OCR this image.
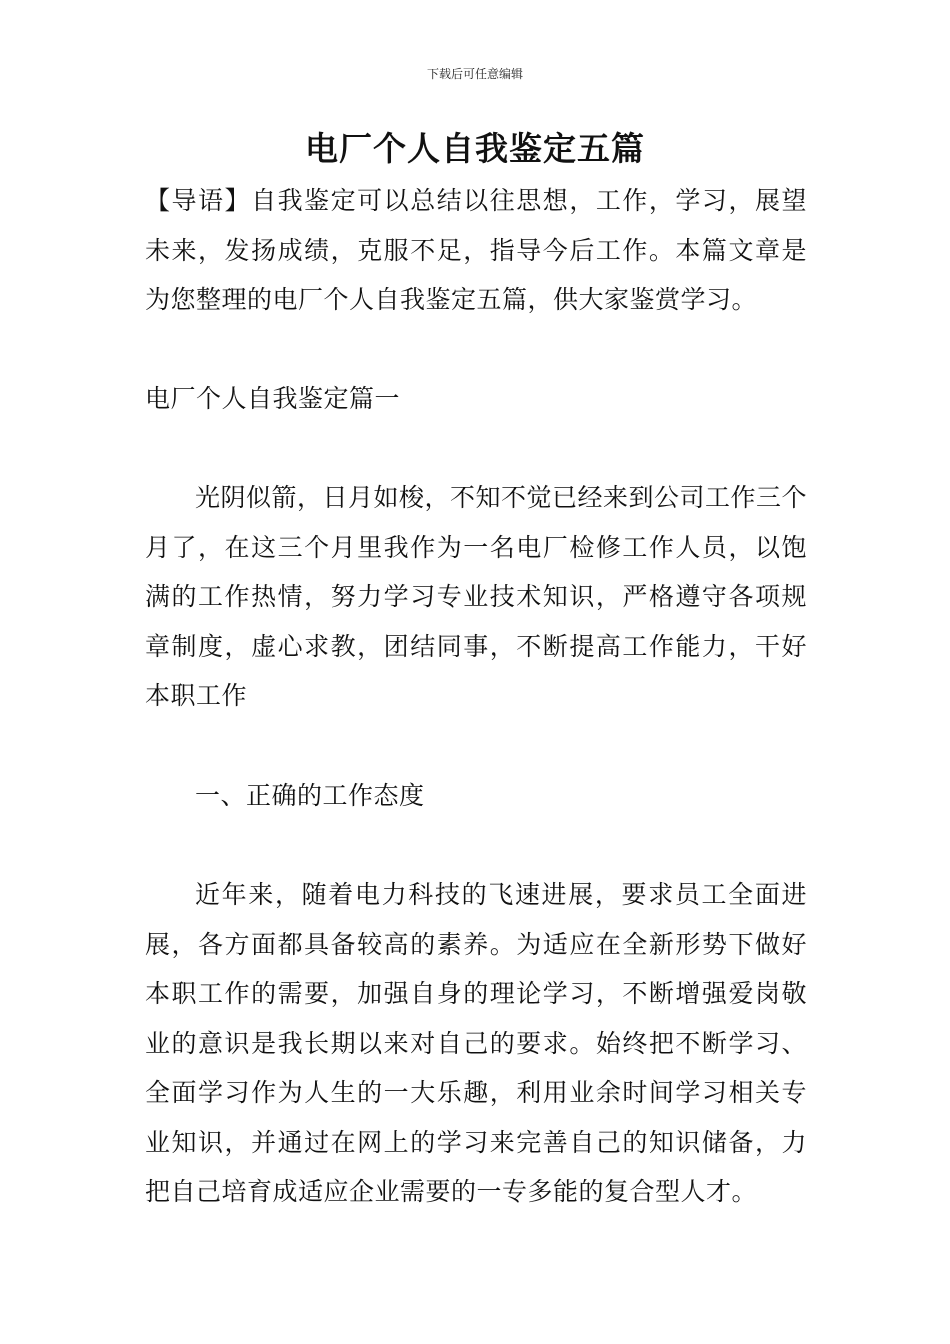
下载后可任意编辑
电厂个人自我鉴定五篇

【导语】自我鉴定可以总结以往思想，工作，学习，展望未来，发扬成绩，克服不足，指导今后工作。本篇文章是为您整理的电厂个人自我鉴定五篇，供大家鉴赏学习。

电厂个人自我鉴定篇一

光阴似箭，日月如梭，不知不觉已经来到公司工作三个月了，在这三个月里我作为一名电厂检修工作人员，以饱满的工作热情，努力学习专业技术知识，严格遵守各项规章制度，虚心求教，团结同事，不断提高工作能力，干好本职工作

一、正确的工作态度

近年来，随着电力科技的飞速进展，要求员工全面进展，各方面都具备较高的素养。为适应在全新形势下做好本职工作的需要，加强自身的理论学习，不断增强爱岗敬业的意识是我长期以来对自己的要求。始终把不断学习、全面学习作为人生的一大乐趣，利用业余时间学习相关专业知识，并通过在网上的学习来完善自己的知识储备，力把自己培育成适应企业需要的一专多能的复合型人才。
